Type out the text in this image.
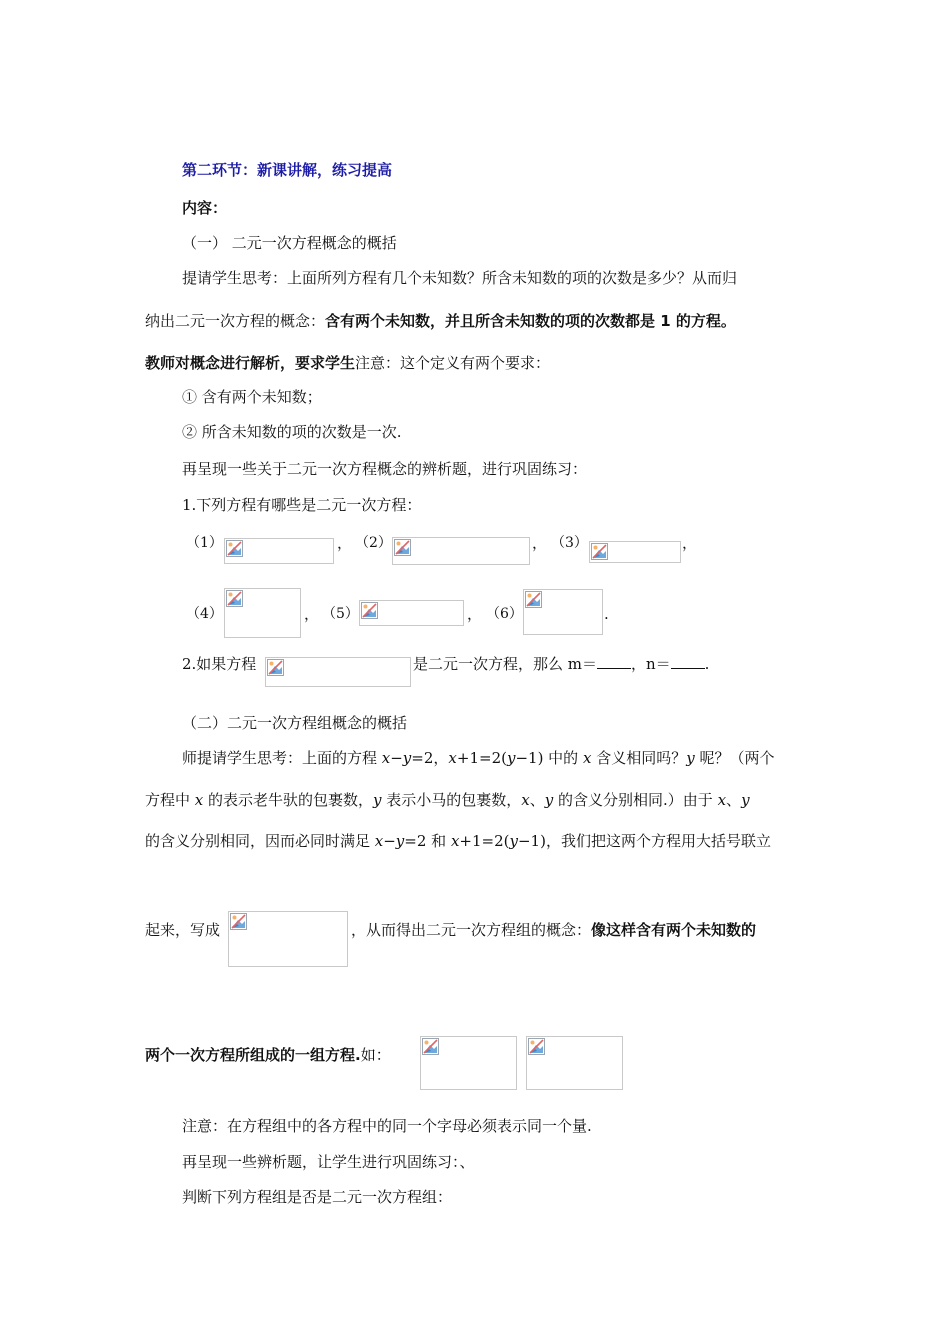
第二环节：新课讲解，练习提高
内容：
（一） 二元一次方程概念的概括
提请学生思考：上面所列方程有几个未知数？所含未知数的项的次数是多少？从而归
纳出二元一次方程的概念：含有两个未知数，并且所含未知数的项的次数都是 1 的方程。
教师对概念进行解析，要求学生注意：这个定义有两个要求：
① 含有两个未知数；
② 所含未知数的项的次数是一次.
再呈现一些关于二元一次方程概念的辨析题，进行巩固练习：
1.下列方程有哪些是二元一次方程：
（1）	， （2）	， （3）	，
（4）	， （5）	， （6）	.
2.如果方程	是二元一次方程，那么 m＝ ，n＝ .
（二）二元一次方程组概念的概括
师提请学生思考：上面的方程 x−y=2，x+1=2(y−1) 中的 x 含义相同吗？y 呢？（两个
方程中 x 的表示老牛驮的包裹数，y 表示小马的包裹数，x、y 的含义分别相同.）由于 x、y
的含义分别相同，因而必同时满足 x−y=2 和 x+1=2(y−1)，我们把这两个方程用大括号联立
起来，写成	，从而得出二元一次方程组的概念：像这样含有两个未知数的
两个一次方程所组成的一组方程.如：
注意：在方程组中的各方程中的同一个字母必须表示同一个量.
再呈现一些辨析题，让学生进行巩固练习：、
判断下列方程组是否是二元一次方程组：
